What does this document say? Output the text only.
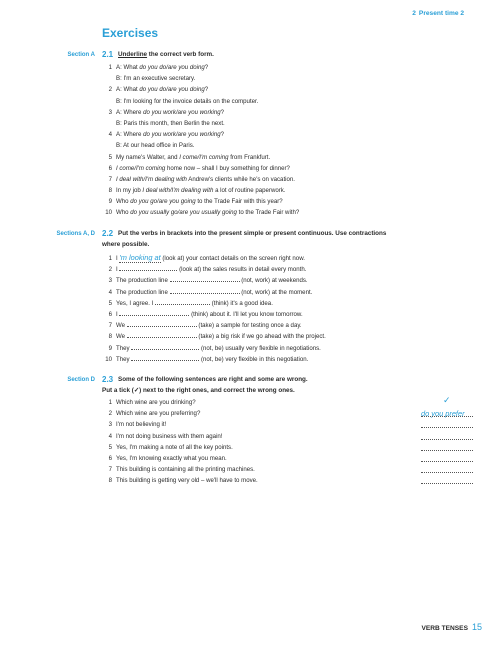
2 Present time 2
Exercises
Section A 2.1 Underline the correct verb form.
1 A: What do you do/are you doing?
B: I'm an executive secretary.
2 A: What do you do/are you doing?
B: I'm looking for the invoice details on the computer.
3 A: Where do you work/are you working?
B: Paris this month, then Berlin the next.
4 A: Where do you work/are you working?
B: At our head office in Paris.
5 My name's Walter, and I come/I'm coming from Frankfurt.
6 I come/I'm coming home now – shall I buy something for dinner?
7 I deal with/I'm dealing with Andrew's clients while he's on vacation.
8 In my job I deal with/I'm dealing with a lot of routine paperwork.
9 Who do you go/are you going to the Trade Fair with this year?
10 Who do you usually go/are you usually going to the Trade Fair with?
Sections A, D 2.2 Put the verbs in brackets into the present simple or present continuous. Use contractions
where possible.
1 I 'm looking at (look at) your contact details on the screen right now.
2 I	(look at) the sales results in detail every month.
3 The production line	(not, work) at weekends.
4 The production line	(not, work) at the moment.
5 Yes, I agree. I	(think) it's a good idea.
6 I	(think) about it. I'll let you know tomorrow.
7 We	(take) a sample for testing once a day.
8 We	(take) a big risk if we go ahead with the project.
9 They	(not, be) usually very flexible in negotiations.
10 They	(not, be) very flexible in this negotiation.
Section D 2.3 Some of the following sentences are right and some are wrong.
Put a tick (✓) next to the right ones, and correct the wrong ones.
1 Which wine are you drinking?	✓
2 Which wine are you preferring?	do you prefer
3 I'm not believing it!
4 I'm not doing business with them again!
5 Yes, I'm making a note of all the key points.
6 Yes, I'm knowing exactly what you mean.
7 This building is containing all the printing machines.
8 This building is getting very old – we'll have to move.
VERB TENSES 15
